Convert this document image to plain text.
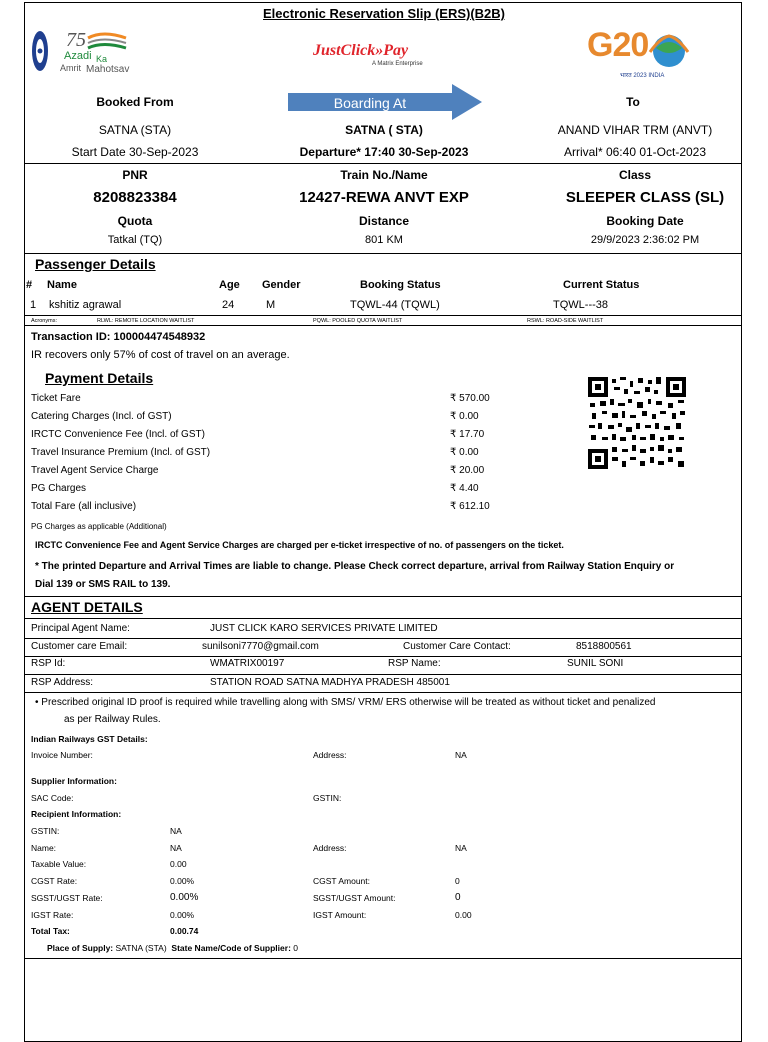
Electronic Reservation Slip (ERS)(B2B)
75
Azadi Ka
Amrit Mahotsav
JustClick»Pay
A Matrix Enterprise	G20
भारत 2023 INDIA
Booked From	Boarding At	To
SATNA (STA)	SATNA ( STA)	ANAND VIHAR TRM (ANVT)
Start Date 30-Sep-2023	Departure* 17:40 30-Sep-2023	Arrival* 06:40 01-Oct-2023
PNR	Train No./Name	Class
8208823384	12427-REWA ANVT EXP	SLEEPER CLASS (SL)
Quota	Distance	Booking Date
Tatkal (TQ)	801 KM	29/9/2023 2:36:02 PM
Passenger Details
# Name	Age Gender	Booking Status	Current Status
1 kshitiz agrawal	24	M	TQWL-44 (TQWL)	TQWL---38
Acronyms:	RLWL: REMOTE LOCATION WAITLIST	PQWL: POOLED QUOTA WAITLIST	RSWL: ROAD-SIDE WAITLIST
Transaction ID: 100004474548932
IR recovers only 57% of cost of travel on an average.
Payment Details
Ticket Fare	₹ 570.00
Catering Charges (Incl. of GST)	₹ 0.00
IRCTC Convenience Fee (Incl. of GST)	₹ 17.70
Travel Insurance Premium (Incl. of GST)	₹ 0.00
Travel Agent Service Charge	₹ 20.00
PG Charges	₹ 4.40
Total Fare (all inclusive)	₹ 612.10
PG Charges as applicable (Additional)
IRCTC Convenience Fee and Agent Service Charges are charged per e-ticket irrespective of no. of passengers on the ticket.
* The printed Departure and Arrival Times are liable to change. Please Check correct departure, arrival from Railway Station Enquiry or
Dial 139 or SMS RAIL to 139.
AGENT DETAILS
Principal Agent Name:	JUST CLICK KARO SERVICES PRIVATE LIMITED
Customer care Email:	sunilsoni7770@gmail.com	Customer Care Contact:	8518800561
RSP Id:	WMATRIX00197	RSP Name:	SUNIL SONI
RSP Address:	STATION ROAD SATNA MADHYA PRADESH 485001
• Prescribed original ID proof is required while travelling along with SMS/ VRM/ ERS otherwise will be treated as without ticket and penalized
as per Railway Rules.
Indian Railways GST Details:
Invoice Number:	Address:	NA
Supplier Information:
SAC Code:	GSTIN:
Recipient Information:
GSTIN:	NA
Name:	NA	Address:	NA
Taxable Value:	0.00
CGST Rate:	0.00%	CGST Amount:	0
SGST/UGST Rate:	0.00%	SGST/UGST Amount:	0
IGST Rate:	0.00%	IGST Amount:	0.00
Total Tax:	0.00.74
Place of Supply: SATNA (STA) State Name/Code of Supplier: 0
